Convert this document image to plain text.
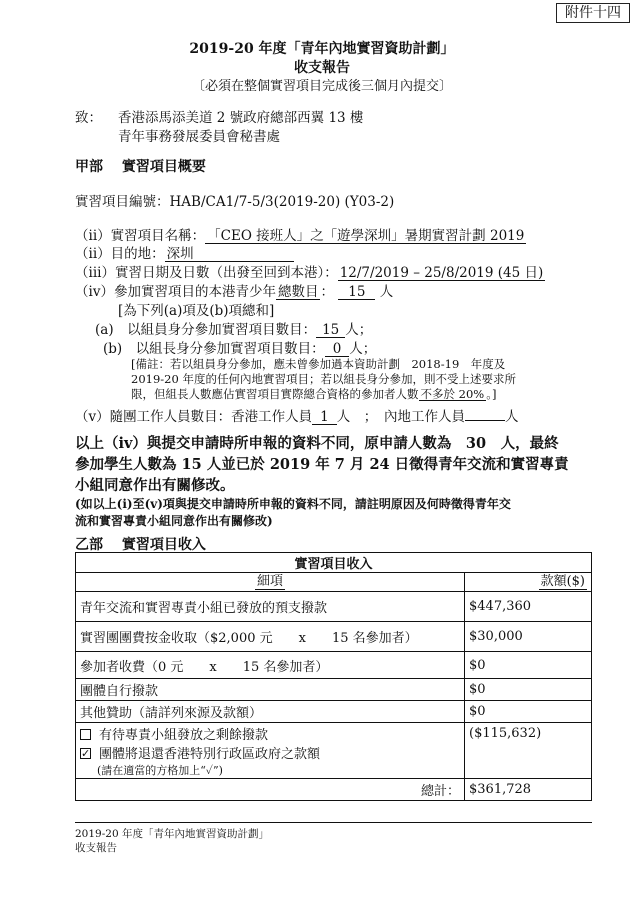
附件十四
2019-20 年度「青年內地實習資助計劃」
收支報告
〔必須在整個實習項目完成後三個月內提交〕
致： 香港添馬添美道 2 號政府總部西翼 13 樓
青年事務發展委員會秘書處
甲部　 實習項目概要
實習項目編號：HAB/CA1/7-5/3(2019-20) (Y03-2)
（ii）實習項目名稱： 「CEO 接班人」之「遊學深圳」暑期實習計劃 2019
（ii）目的地： 深圳
（iii）實習日期及日數（出發至回到本港）： 12/7/2019 – 25/8/2019 (45 日)
（iv）參加實習項目的本港青少年 總數目 ： 15 人
[為下列(a)項及(b)項總和]
(a)　以組員身分參加實習項目數目： 15 人；
(b)　以組長身分參加實習項目數目： 0 人；
[備註：若以組員身分參加，應未曾參加過本資助計劃　2018-19　年度及
2019-20 年度的任何內地實習項目；若以組長身分參加，則不受上述要求所
限，但組長人數應佔實習項目實際總合資格的參加者人數 不多於 20% 。]
（v）隨團工作人員數目：香港工作人員 1 人　；　內地工作人員	人
以上（iv）與提交申請時所申報的資料不同，原申請人數為　30　人，最終
參加學生人數為 15 人並已於 2019 年 7 月 24 日徵得青年交流和實習專責
小組同意作出有關修改。
(如以上(i)至(v)項與提交申請時所申報的資料不同，請註明原因及何時徵得青年交
流和實習專責小組同意作出有關修改)
乙部　 實習項目收入
實習項目收入	
細項	款額($)
青年交流和實習專責小組已發放的預支撥款	$447,360
實習團團費按金收取（$2,000 元　　x　　15 名參加者）	$30,000
參加者收費（0 元　　x　　15 名參加者）	$0
團體自行撥款	$0
其他贊助（請詳列來源及款額）	$0

有待專責小組發放之剩餘撥款
✓團體將退還香港特別行政區政府之款額
(請在適當的方格加上“✓”)	($115,632)
總計：	$361,728
2019-20 年度「青年內地實習資助計劃」
收支報告
